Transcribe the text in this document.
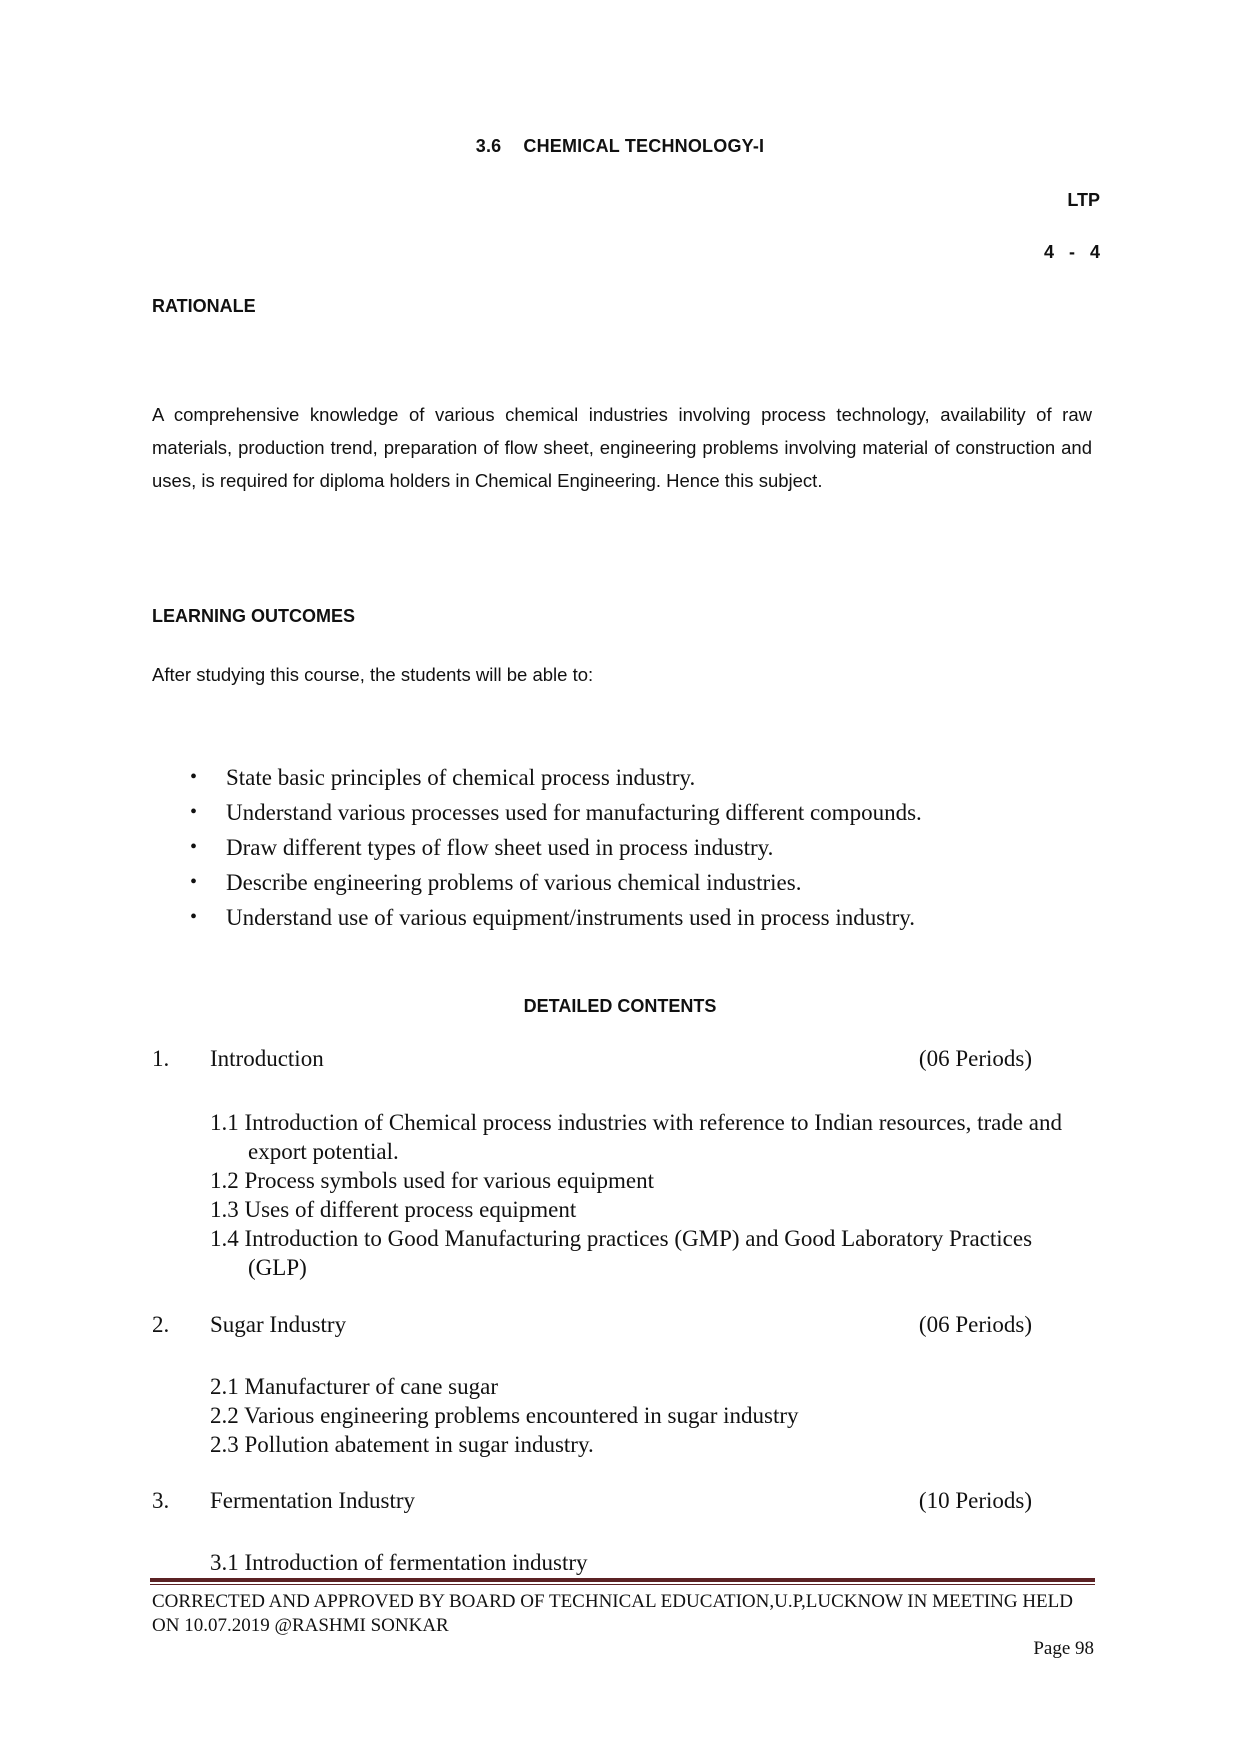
3.6 CHEMICAL TECHNOLOGY-I
LTP
4 - 4
RATIONALE
A comprehensive knowledge of various chemical industries involving process technology, availability of raw materials, production trend, preparation of flow sheet, engineering problems involving material of construction and uses, is required for diploma holders in Chemical Engineering. Hence this subject.
LEARNING OUTCOMES
After studying this course, the students will be able to:
• State basic principles of chemical process industry.
• Understand various processes used for manufacturing different compounds.
• Draw different types of flow sheet used in process industry.
• Describe engineering problems of various chemical industries.
• Understand use of various equipment/instruments used in process industry.
DETAILED CONTENTS
1. Introduction	(06 Periods)
1.1 Introduction of Chemical process industries with reference to Indian resources, trade and export potential.
1.2 Process symbols used for various equipment
1.3 Uses of different process equipment
1.4 Introduction to Good Manufacturing practices (GMP) and Good Laboratory Practices (GLP)
2. Sugar Industry	(06 Periods)
2.1 Manufacturer of cane sugar
2.2 Various engineering problems encountered in sugar industry
2.3 Pollution abatement in sugar industry.
3. Fermentation Industry	(10 Periods)
3.1 Introduction of fermentation industry
CORRECTED AND APPROVED BY BOARD OF TECHNICAL EDUCATION,U.P,LUCKNOW IN MEETING HELD
ON 10.07.2019 @RASHMI SONKAR
Page 98
